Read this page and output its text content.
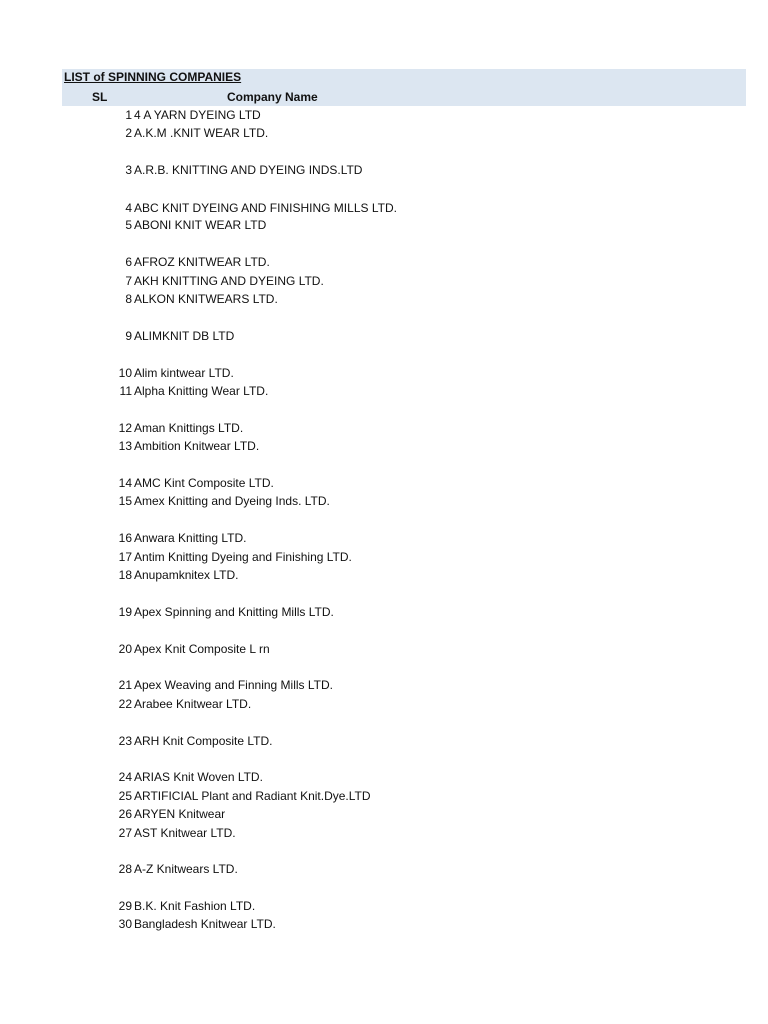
LIST of SPINNING COMPANIES
SL	Company Name
1 4 A YARN DYEING LTD
2 A.K.M .KNIT WEAR LTD.
3 A.R.B. KNITTING AND DYEING INDS.LTD
4 ABC KNIT DYEING AND FINISHING MILLS LTD.
5 ABONI KNIT WEAR LTD
6 AFROZ KNITWEAR LTD.
7 AKH KNITTING AND DYEING LTD.
8 ALKON KNITWEARS LTD.
9 ALIMKNIT DB LTD
10 Alim kintwear LTD.
11 Alpha Knitting Wear LTD.
12 Aman Knittings LTD.
13 Ambition Knitwear LTD.
14 AMC Kint Composite LTD.
15 Amex Knitting and Dyeing Inds. LTD.
16 Anwara Knitting LTD.
17 Antim Knitting Dyeing and Finishing LTD.
18 Anupamknitex LTD.
19 Apex Spinning and Knitting Mills LTD.
20 Apex Knit Composite L rn
21 Apex Weaving and Finning Mills LTD.
22 Arabee Knitwear LTD.
23 ARH Knit Composite LTD.
24 ARIAS Knit Woven LTD.
25 ARTIFICIAL Plant and Radiant Knit.Dye.LTD
26 ARYEN Knitwear
27 AST Knitwear LTD.
28 A-Z Knitwears LTD.
29 B.K. Knit Fashion LTD.
30 Bangladesh Knitwear LTD.
